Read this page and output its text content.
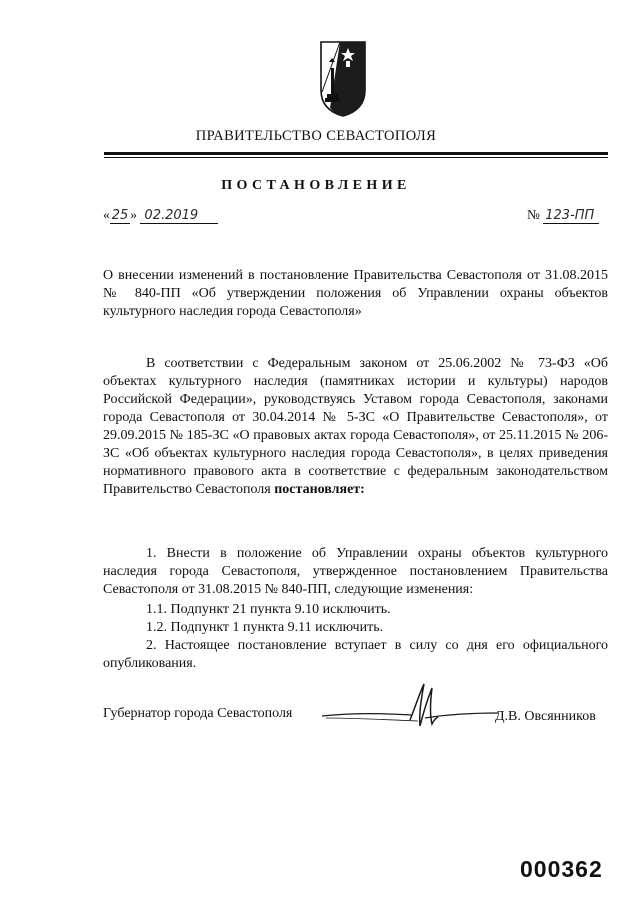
ПРАВИТЕЛЬСТВО СЕВАСТОПОЛЯ
ПОСТАНОВЛЕНИЕ
« 25 » 02.2019	№ 123-ПП
О внесении изменений в постановление Правительства Севастополя от 31.08.2015 № 840-ПП «Об утверждении положения об Управлении охраны объектов культурного наследия города Севастополя»
В соответствии с Федеральным законом от 25.06.2002 № 73-ФЗ «Об объектах культурного наследия (памятниках истории и культуры) народов Российской Федерации», руководствуясь Уставом города Севастополя, законами города Севастополя от 30.04.2014 № 5-ЗС «О Правительстве Севастополя», от 29.09.2015 № 185-ЗС «О правовых актах города Севастополя», от 25.11.2015 № 206-ЗС «Об объектах культурного наследия города Севастополя», в целях приведения нормативного правового акта в соответствие с федеральным законодательством Правительство Севастополя постановляет:
1. Внести в положение об Управлении охраны объектов культурного наследия города Севастополя, утвержденное постановлением Правительства Севастополя от 31.08.2015 № 840-ПП, следующие изменения:
1.1. Подпункт 21 пункта 9.10 исключить.
1.2. Подпункт 1 пункта 9.11 исключить.
2. Настоящее постановление вступает в силу со дня его официального опубликования.
Губернатор города Севастополя	Д.В. Овсянников
000362
